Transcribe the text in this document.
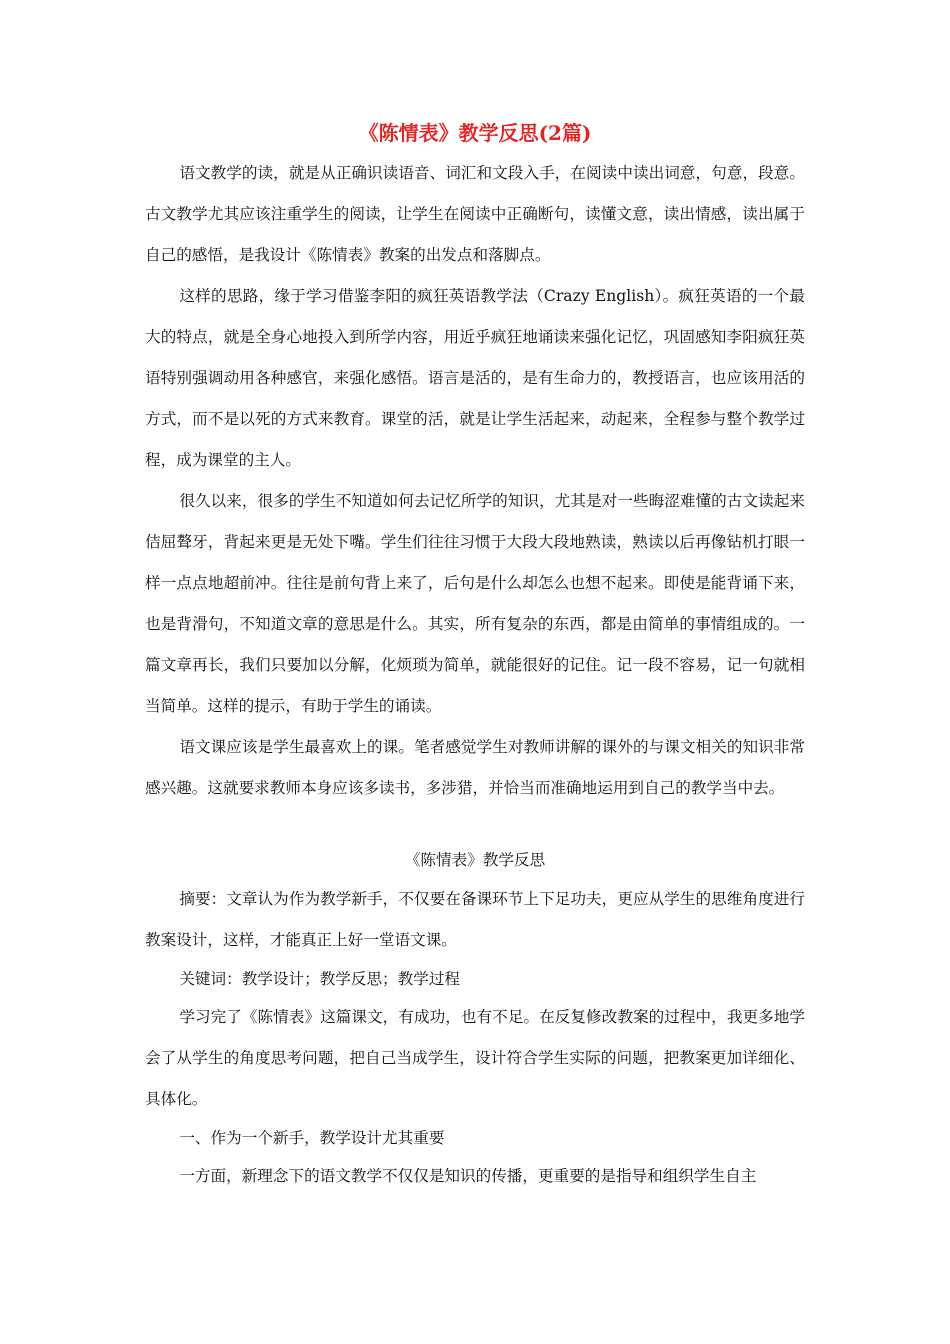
《陈情表》教学反思(2篇)

语文教学的读，就是从正确识读语音、词汇和文段入手，在阅读中读出词意，句意，段意。古文教学尤其应该注重学生的阅读，让学生在阅读中正确断句，读懂文意，读出情感，读出属于自己的感悟，是我设计《陈情表》教案的出发点和落脚点。

这样的思路，缘于学习借鉴李阳的疯狂英语教学法（Crazy English）。疯狂英语的一个最大的特点，就是全身心地投入到所学内容，用近乎疯狂地诵读来强化记忆，巩固感知李阳疯狂英语特别强调动用各种感官，来强化感悟。语言是活的，是有生命力的，教授语言，也应该用活的方式，而不是以死的方式来教育。课堂的活，就是让学生活起来，动起来，全程参与整个教学过程，成为课堂的主人。

很久以来，很多的学生不知道如何去记忆所学的知识，尤其是对一些晦涩难懂的古文读起来佶屈聱牙，背起来更是无处下嘴。学生们往往习惯于大段大段地熟读，熟读以后再像钻机打眼一样一点点地超前冲。往往是前句背上来了，后句是什么却怎么也想不起来。即使是能背诵下来，也是背滑句，不知道文章的意思是什么。其实，所有复杂的东西，都是由简单的事情组成的。一篇文章再长，我们只要加以分解，化烦琐为简单，就能很好的记住。记一段不容易，记一句就相当简单。这样的提示，有助于学生的诵读。

语文课应该是学生最喜欢上的课。笔者感觉学生对教师讲解的课外的与课文相关的知识非常感兴趣。这就要求教师本身应该多读书，多涉猎，并恰当而准确地运用到自己的教学当中去。

《陈情表》教学反思

摘要：文章认为作为教学新手，不仅要在备课环节上下足功夫，更应从学生的思维角度进行教案设计，这样，才能真正上好一堂语文课。

关键词：教学设计；教学反思；教学过程

学习完了《陈情表》这篇课文，有成功，也有不足。在反复修改教案的过程中，我更多地学会了从学生的角度思考问题，把自己当成学生，设计符合学生实际的问题，把教案更加详细化、具体化。

一、作为一个新手，教学设计尤其重要

一方面，新理念下的语文教学不仅仅是知识的传播，更重要的是指导和组织学生自主
